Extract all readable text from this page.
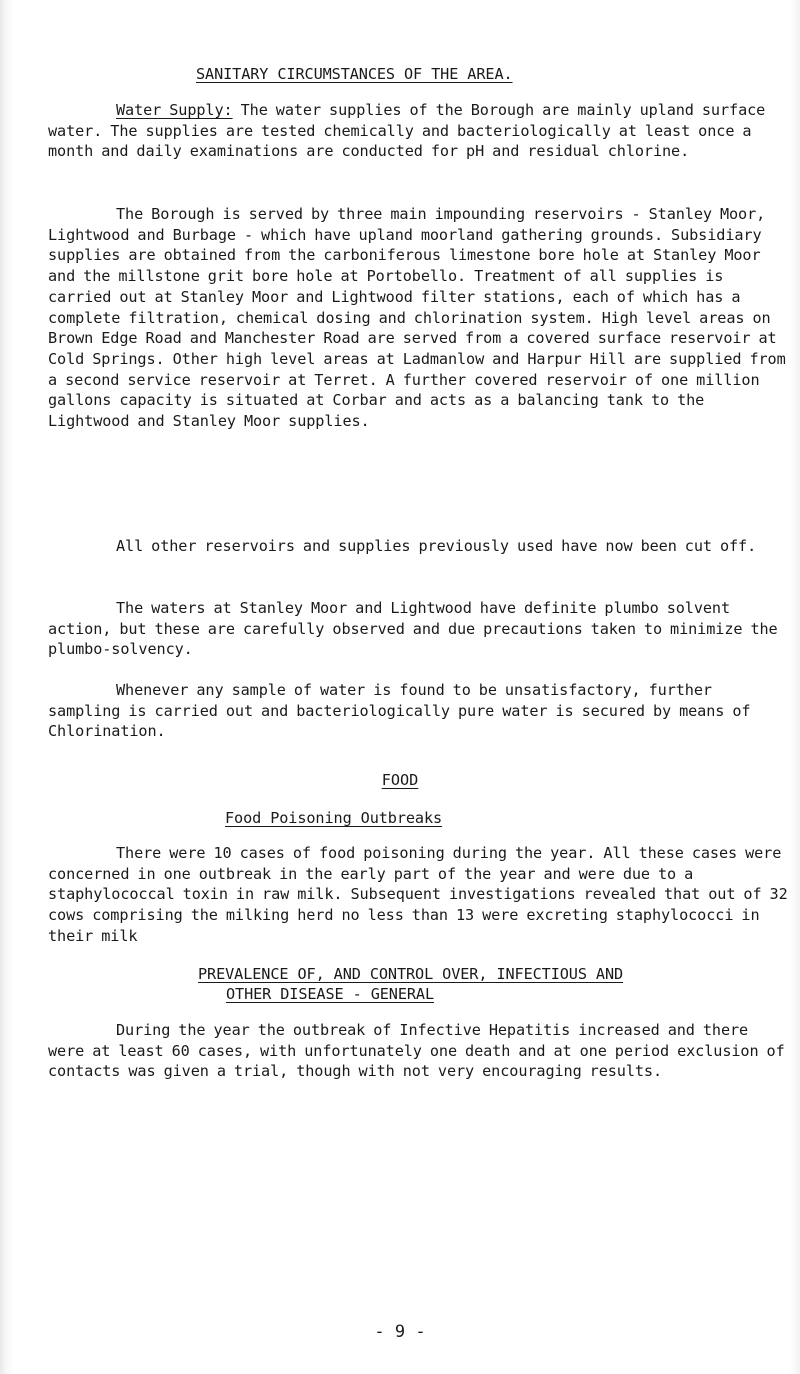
SANITARY CIRCUMSTANCES OF THE AREA.

Water Supply: The water supplies of the Borough are mainly upland surface water. The supplies are tested chemically and bacteriologically at least once a month and daily examinations are conducted for pH and residual chlorine.

The Borough is served by three main impounding reservoirs - Stanley Moor, Lightwood and Burbage - which have upland moorland gathering grounds. Subsidiary supplies are obtained from the carboniferous limestone bore hole at Stanley Moor and the millstone grit bore hole at Portobello. Treatment of all supplies is carried out at Stanley Moor and Lightwood filter stations, each of which has a complete filtration, chemical dosing and chlorination system. High level areas on Brown Edge Road and Manchester Road are served from a covered surface reservoir at Cold Springs. Other high level areas at Ladmanlow and Harpur Hill are supplied from a second service reservoir at Terret. A further covered reservoir of one million gallons capacity is situated at Corbar and acts as a balancing tank to the Lightwood and Stanley Moor supplies.

All other reservoirs and supplies previously used have now been cut off.

The waters at Stanley Moor and Lightwood have definite plumbo solvent action, but these are carefully observed and due precautions taken to minimize the plumbo-solvency.

Whenever any sample of water is found to be unsatisfactory, further sampling is carried out and bacteriologically pure water is secured by means of Chlorination.

FOOD
Food Poisoning Outbreaks

There were 10 cases of food poisoning during the year. All these cases were concerned in one outbreak in the early part of the year and were due to a staphylococcal toxin in raw milk. Subsequent investigations revealed that out of 32 cows comprising the milking herd no less than 13 were excreting staphylococci in their milk

PREVALENCE OF, AND CONTROL OVER, INFECTIOUS AND
OTHER DISEASE - GENERAL

During the year the outbreak of Infective Hepatitis increased and there were at least 60 cases, with unfortunately one death and at one period exclusion of contacts was given a trial, though with not very encouraging results.

- 9 -
